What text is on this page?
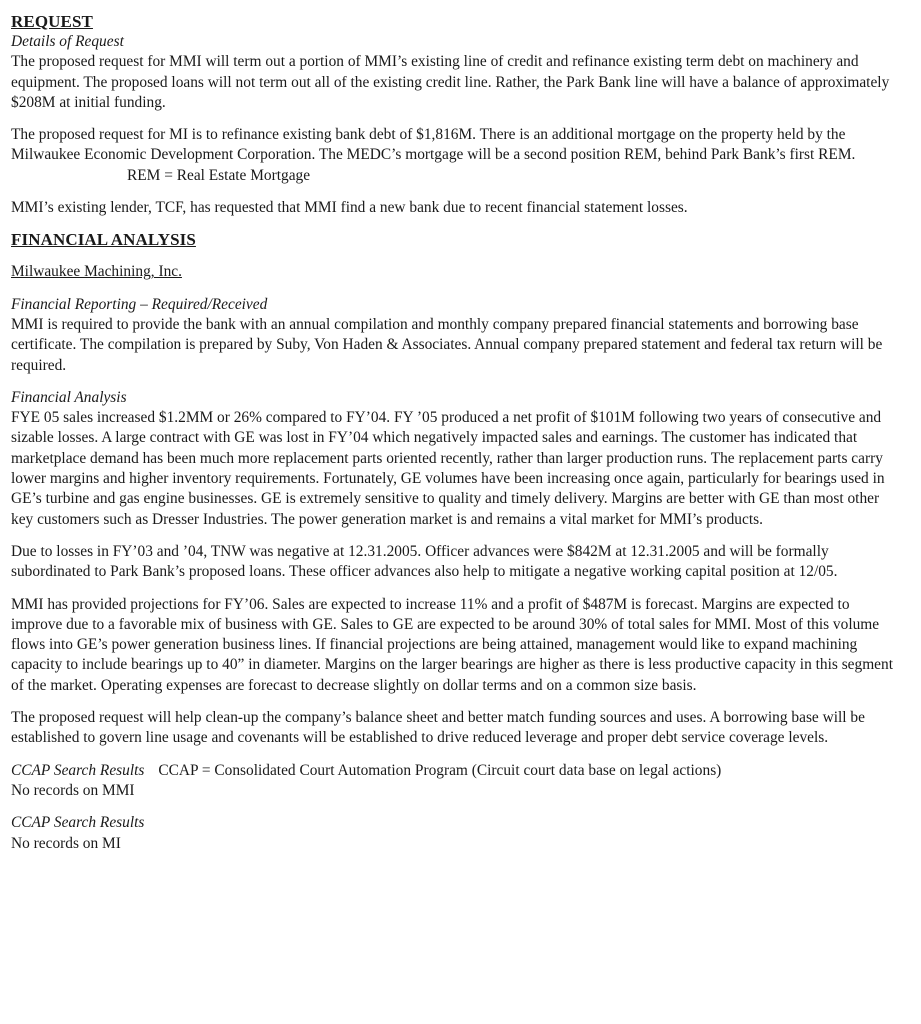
REQUEST

Details of Request

The proposed request for MMI will term out a portion of MMI’s existing line of credit and refinance existing term debt on machinery and equipment. The proposed loans will not term out all of the existing credit line. Rather, the Park Bank line will have a balance of approximately $208M at initial funding.

The proposed request for MI is to refinance existing bank debt of $1,816M. There is an additional mortgage on the property held by the Milwaukee Economic Development Corporation. The MEDC’s mortgage will be a second position REM, behind Park Bank’s first REM.REM = Real Estate Mortgage

MMI’s existing lender, TCF, has requested that MMI find a new bank due to recent financial statement losses.

FINANCIAL ANALYSIS

Milwaukee Machining, Inc.

Financial Reporting – Required/Received

MMI is required to provide the bank with an annual compilation and monthly company prepared financial statements and borrowing base certificate. The compilation is prepared by Suby, Von Haden & Associates. Annual company prepared statement and federal tax return will be required.

Financial Analysis

FYE 05 sales increased $1.2MM or 26% compared to FY’04. FY ’05 produced a net profit of $101M following two years of consecutive and sizable losses. A large contract with GE was lost in FY’04 which negatively impacted sales and earnings. The customer has indicated that marketplace demand has been much more replacement parts oriented recently, rather than larger production runs. The replacement parts carry lower margins and higher inventory requirements. Fortunately, GE volumes have been increasing once again, particularly for bearings used in GE’s turbine and gas engine businesses. GE is extremely sensitive to quality and timely delivery. Margins are better with GE than most other key customers such as Dresser Industries. The power generation market is and remains a vital market for MMI’s products.

Due to losses in FY’03 and ’04, TNW was negative at 12.31.2005. Officer advances were $842M at 12.31.2005 and will be formally subordinated to Park Bank’s proposed loans. These officer advances also help to mitigate a negative working capital position at 12/05.

MMI has provided projections for FY’06. Sales are expected to increase 11% and a profit of $487M is forecast. Margins are expected to improve due to a favorable mix of business with GE. Sales to GE are expected to be around 30% of total sales for MMI. Most of this volume flows into GE’s power generation business lines. If financial projections are being attained, management would like to expand machining capacity to include bearings up to 40” in diameter. Margins on the larger bearings are higher as there is less productive capacity in this segment of the market. Operating expenses are forecast to decrease slightly on dollar terms and on a common size basis.

The proposed request will help clean-up the company’s balance sheet and better match funding sources and uses. A borrowing base will be established to govern line usage and covenants will be established to drive reduced leverage and proper debt service coverage levels.

CCAP Search Results CCAP = Consolidated Court Automation Program (Circuit court data base on legal actions)

No records on MMI

CCAP Search Results

No records on MI
